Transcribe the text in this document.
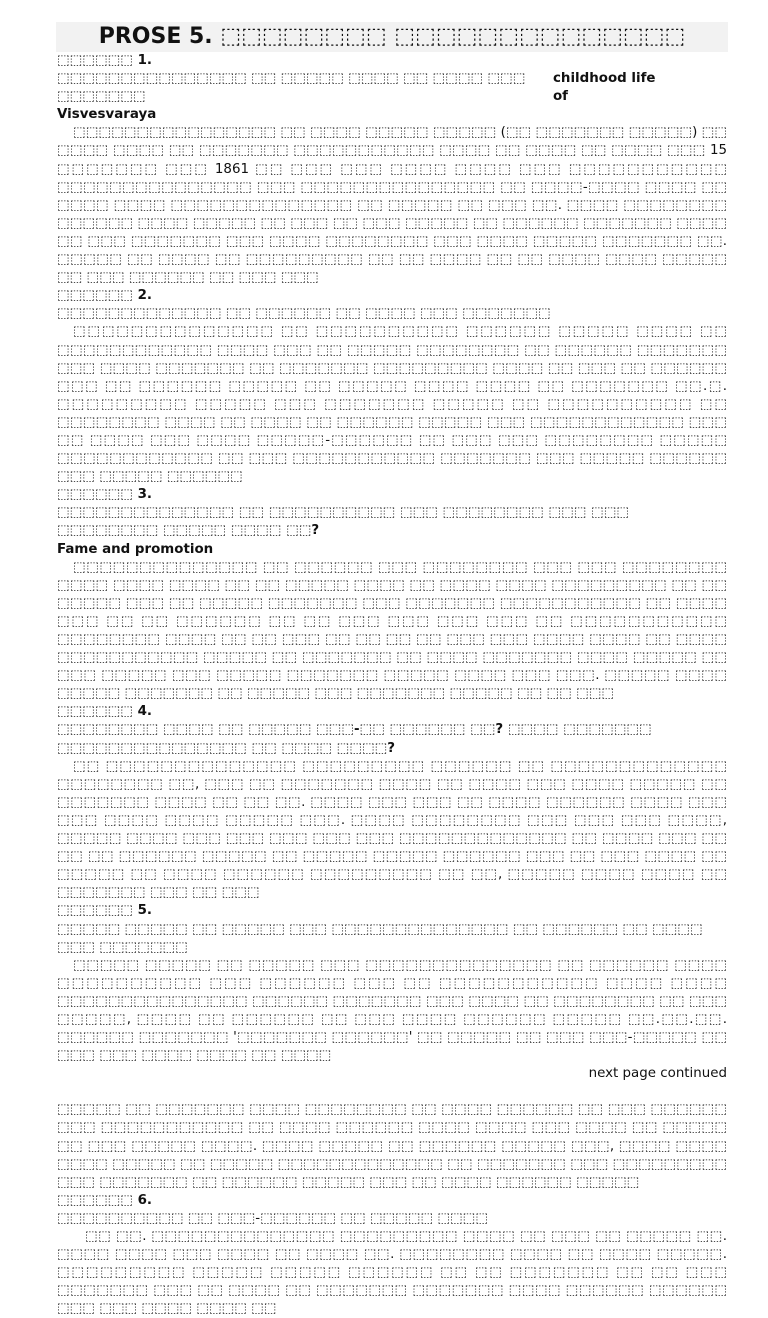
PROSE 5. ⬚⬚⬚⬚⬚⬚⬚⬚ ⬚⬚⬚⬚⬚⬚⬚⬚⬚⬚⬚⬚⬚⬚

⬚⬚⬚⬚⬚⬚ 1.

⬚⬚⬚⬚⬚⬚⬚⬚⬚⬚⬚⬚⬚⬚⬚ ⬚⬚ ⬚⬚⬚⬚⬚ ⬚⬚⬚⬚ ⬚⬚ ⬚⬚⬚⬚ ⬚⬚⬚ ⬚⬚⬚⬚⬚⬚⬚
childhood life of

Visvesvaraya

⬚⬚⬚⬚⬚⬚⬚⬚⬚⬚⬚⬚⬚⬚⬚⬚ ⬚⬚ ⬚⬚⬚⬚ ⬚⬚⬚⬚⬚ ⬚⬚⬚⬚⬚ (⬚⬚ ⬚⬚⬚⬚⬚⬚⬚ ⬚⬚⬚⬚⬚) ⬚⬚ ⬚⬚⬚⬚ ⬚⬚⬚⬚ ⬚⬚ ⬚⬚⬚⬚⬚⬚⬚ ⬚⬚⬚⬚⬚⬚⬚⬚⬚⬚⬚ ⬚⬚⬚⬚ ⬚⬚ ⬚⬚⬚⬚ ⬚⬚ ⬚⬚⬚⬚ ⬚⬚⬚ 15 ⬚⬚⬚⬚⬚⬚⬚ ⬚⬚⬚ 1861 ⬚⬚ ⬚⬚⬚ ⬚⬚⬚ ⬚⬚⬚⬚ ⬚⬚⬚⬚ ⬚⬚⬚ ⬚⬚⬚⬚⬚⬚⬚⬚⬚⬚⬚ ⬚⬚⬚⬚⬚⬚⬚⬚⬚⬚⬚⬚⬚⬚⬚ ⬚⬚⬚ ⬚⬚⬚⬚⬚⬚⬚⬚⬚⬚⬚⬚⬚⬚⬚ ⬚⬚ ⬚⬚⬚⬚-⬚⬚⬚⬚ ⬚⬚⬚⬚ ⬚⬚ ⬚⬚⬚⬚ ⬚⬚⬚⬚ ⬚⬚⬚⬚⬚⬚⬚⬚⬚⬚⬚⬚⬚⬚ ⬚⬚ ⬚⬚⬚⬚⬚ ⬚⬚ ⬚⬚⬚ ⬚⬚. ⬚⬚⬚⬚ ⬚⬚⬚⬚⬚⬚⬚⬚ ⬚⬚⬚⬚⬚⬚ ⬚⬚⬚⬚ ⬚⬚⬚⬚⬚ ⬚⬚ ⬚⬚⬚ ⬚⬚ ⬚⬚⬚ ⬚⬚⬚⬚⬚ ⬚⬚ ⬚⬚⬚⬚⬚⬚ ⬚⬚⬚⬚⬚⬚⬚ ⬚⬚⬚⬚ ⬚⬚ ⬚⬚⬚ ⬚⬚⬚⬚⬚⬚⬚ ⬚⬚⬚ ⬚⬚⬚⬚ ⬚⬚⬚⬚⬚⬚⬚⬚ ⬚⬚⬚ ⬚⬚⬚⬚ ⬚⬚⬚⬚⬚ ⬚⬚⬚⬚⬚⬚⬚ ⬚⬚. ⬚⬚⬚⬚⬚ ⬚⬚ ⬚⬚⬚⬚ ⬚⬚ ⬚⬚⬚⬚⬚⬚⬚⬚⬚ ⬚⬚ ⬚⬚ ⬚⬚⬚⬚ ⬚⬚ ⬚⬚ ⬚⬚⬚⬚ ⬚⬚⬚⬚ ⬚⬚⬚⬚⬚ ⬚⬚ ⬚⬚⬚ ⬚⬚⬚⬚⬚⬚ ⬚⬚ ⬚⬚⬚ ⬚⬚⬚

⬚⬚⬚⬚⬚⬚ 2.

⬚⬚⬚⬚⬚⬚⬚⬚⬚⬚⬚⬚⬚ ⬚⬚ ⬚⬚⬚⬚⬚⬚ ⬚⬚ ⬚⬚⬚⬚ ⬚⬚⬚ ⬚⬚⬚⬚⬚⬚⬚

⬚⬚⬚⬚⬚⬚⬚⬚⬚⬚⬚⬚⬚⬚ ⬚⬚ ⬚⬚⬚⬚⬚⬚⬚⬚⬚⬚ ⬚⬚⬚⬚⬚⬚ ⬚⬚⬚⬚⬚ ⬚⬚⬚⬚ ⬚⬚ ⬚⬚⬚⬚⬚⬚⬚⬚⬚⬚⬚⬚ ⬚⬚⬚⬚ ⬚⬚⬚ ⬚⬚ ⬚⬚⬚⬚⬚ ⬚⬚⬚⬚⬚⬚⬚⬚ ⬚⬚ ⬚⬚⬚⬚⬚⬚ ⬚⬚⬚⬚⬚⬚⬚ ⬚⬚⬚ ⬚⬚⬚⬚ ⬚⬚⬚⬚⬚⬚⬚ ⬚⬚ ⬚⬚⬚⬚⬚⬚⬚ ⬚⬚⬚⬚⬚⬚⬚⬚⬚ ⬚⬚⬚⬚ ⬚⬚ ⬚⬚⬚ ⬚⬚ ⬚⬚⬚⬚⬚⬚ ⬚⬚⬚ ⬚⬚ ⬚⬚⬚⬚⬚⬚ ⬚⬚⬚⬚⬚ ⬚⬚ ⬚⬚⬚⬚⬚ ⬚⬚⬚⬚ ⬚⬚⬚⬚ ⬚⬚ ⬚⬚⬚⬚⬚⬚⬚ ⬚⬚.⬚. ⬚⬚⬚⬚⬚⬚⬚⬚⬚ ⬚⬚⬚⬚⬚ ⬚⬚⬚ ⬚⬚⬚⬚⬚⬚⬚ ⬚⬚⬚⬚⬚ ⬚⬚ ⬚⬚⬚⬚⬚⬚⬚⬚⬚⬚ ⬚⬚ ⬚⬚⬚⬚⬚⬚⬚⬚ ⬚⬚⬚⬚ ⬚⬚ ⬚⬚⬚⬚ ⬚⬚ ⬚⬚⬚⬚⬚⬚ ⬚⬚⬚⬚⬚ ⬚⬚⬚ ⬚⬚⬚⬚⬚⬚⬚⬚⬚⬚⬚⬚ ⬚⬚⬚ ⬚⬚ ⬚⬚⬚⬚ ⬚⬚⬚ ⬚⬚⬚⬚ ⬚⬚⬚⬚⬚-⬚⬚⬚⬚⬚⬚ ⬚⬚ ⬚⬚⬚ ⬚⬚⬚ ⬚⬚⬚⬚⬚⬚⬚⬚ ⬚⬚⬚⬚⬚ ⬚⬚⬚⬚⬚⬚⬚⬚⬚⬚⬚⬚ ⬚⬚ ⬚⬚⬚ ⬚⬚⬚⬚⬚⬚⬚⬚⬚⬚⬚ ⬚⬚⬚⬚⬚⬚⬚ ⬚⬚⬚ ⬚⬚⬚⬚⬚ ⬚⬚⬚⬚⬚⬚ ⬚⬚⬚ ⬚⬚⬚⬚⬚ ⬚⬚⬚⬚⬚⬚

⬚⬚⬚⬚⬚⬚ 3.

⬚⬚⬚⬚⬚⬚⬚⬚⬚⬚⬚⬚⬚⬚ ⬚⬚ ⬚⬚⬚⬚⬚⬚⬚⬚⬚⬚ ⬚⬚⬚ ⬚⬚⬚⬚⬚⬚⬚⬚ ⬚⬚⬚ ⬚⬚⬚ ⬚⬚⬚⬚⬚⬚⬚⬚ ⬚⬚⬚⬚⬚ ⬚⬚⬚⬚ ⬚⬚?

Fame and promotion

⬚⬚⬚⬚⬚⬚⬚⬚⬚⬚⬚⬚⬚⬚ ⬚⬚ ⬚⬚⬚⬚⬚⬚ ⬚⬚⬚ ⬚⬚⬚⬚⬚⬚⬚⬚ ⬚⬚⬚ ⬚⬚⬚ ⬚⬚⬚⬚⬚⬚⬚⬚ ⬚⬚⬚⬚ ⬚⬚⬚⬚ ⬚⬚⬚⬚ ⬚⬚ ⬚⬚ ⬚⬚⬚⬚⬚ ⬚⬚⬚⬚ ⬚⬚ ⬚⬚⬚⬚ ⬚⬚⬚⬚ ⬚⬚⬚⬚⬚⬚⬚⬚⬚ ⬚⬚ ⬚⬚ ⬚⬚⬚⬚⬚ ⬚⬚⬚ ⬚⬚ ⬚⬚⬚⬚⬚ ⬚⬚⬚⬚⬚⬚⬚ ⬚⬚⬚ ⬚⬚⬚⬚⬚⬚⬚ ⬚⬚⬚⬚⬚⬚⬚⬚⬚⬚⬚ ⬚⬚ ⬚⬚⬚⬚ ⬚⬚⬚ ⬚⬚ ⬚⬚ ⬚⬚⬚⬚⬚⬚ ⬚⬚ ⬚⬚ ⬚⬚⬚ ⬚⬚⬚ ⬚⬚⬚ ⬚⬚⬚ ⬚⬚ ⬚⬚⬚⬚⬚⬚⬚⬚⬚⬚⬚ ⬚⬚⬚⬚⬚⬚⬚⬚ ⬚⬚⬚⬚ ⬚⬚ ⬚⬚ ⬚⬚⬚ ⬚⬚ ⬚⬚ ⬚⬚ ⬚⬚ ⬚⬚⬚ ⬚⬚⬚ ⬚⬚⬚⬚ ⬚⬚⬚⬚ ⬚⬚ ⬚⬚⬚⬚ ⬚⬚⬚⬚⬚⬚⬚⬚⬚⬚⬚ ⬚⬚⬚⬚⬚ ⬚⬚ ⬚⬚⬚⬚⬚⬚⬚ ⬚⬚ ⬚⬚⬚⬚ ⬚⬚⬚⬚⬚⬚⬚ ⬚⬚⬚⬚ ⬚⬚⬚⬚⬚ ⬚⬚ ⬚⬚⬚ ⬚⬚⬚⬚⬚ ⬚⬚⬚ ⬚⬚⬚⬚⬚ ⬚⬚⬚⬚⬚⬚⬚ ⬚⬚⬚⬚⬚ ⬚⬚⬚⬚ ⬚⬚⬚ ⬚⬚⬚. ⬚⬚⬚⬚⬚ ⬚⬚⬚⬚ ⬚⬚⬚⬚⬚ ⬚⬚⬚⬚⬚⬚⬚ ⬚⬚ ⬚⬚⬚⬚⬚ ⬚⬚⬚ ⬚⬚⬚⬚⬚⬚⬚ ⬚⬚⬚⬚⬚ ⬚⬚ ⬚⬚ ⬚⬚⬚

⬚⬚⬚⬚⬚⬚ 4.

⬚⬚⬚⬚⬚⬚⬚⬚ ⬚⬚⬚⬚ ⬚⬚ ⬚⬚⬚⬚⬚ ⬚⬚⬚-⬚⬚ ⬚⬚⬚⬚⬚⬚ ⬚⬚? ⬚⬚⬚⬚ ⬚⬚⬚⬚⬚⬚⬚ ⬚⬚⬚⬚⬚⬚⬚⬚⬚⬚⬚⬚⬚⬚⬚ ⬚⬚ ⬚⬚⬚⬚ ⬚⬚⬚⬚?

⬚⬚ ⬚⬚⬚⬚⬚⬚⬚⬚⬚⬚⬚⬚⬚⬚ ⬚⬚⬚⬚⬚⬚⬚⬚⬚ ⬚⬚⬚⬚⬚⬚ ⬚⬚ ⬚⬚⬚⬚⬚⬚⬚⬚⬚⬚⬚⬚⬚ ⬚⬚⬚⬚⬚⬚⬚⬚ ⬚⬚, ⬚⬚⬚ ⬚⬚ ⬚⬚⬚⬚⬚⬚⬚ ⬚⬚⬚⬚ ⬚⬚ ⬚⬚⬚⬚ ⬚⬚⬚ ⬚⬚⬚⬚ ⬚⬚⬚⬚⬚ ⬚⬚ ⬚⬚⬚⬚⬚⬚⬚ ⬚⬚⬚⬚ ⬚⬚ ⬚⬚ ⬚⬚. ⬚⬚⬚⬚ ⬚⬚⬚ ⬚⬚⬚ ⬚⬚ ⬚⬚⬚⬚ ⬚⬚⬚⬚⬚⬚ ⬚⬚⬚⬚ ⬚⬚⬚ ⬚⬚⬚ ⬚⬚⬚⬚ ⬚⬚⬚⬚ ⬚⬚⬚⬚⬚ ⬚⬚⬚. ⬚⬚⬚⬚ ⬚⬚⬚⬚⬚⬚⬚⬚ ⬚⬚⬚ ⬚⬚⬚ ⬚⬚⬚ ⬚⬚⬚⬚, ⬚⬚⬚⬚⬚ ⬚⬚⬚⬚ ⬚⬚⬚ ⬚⬚⬚ ⬚⬚⬚ ⬚⬚⬚ ⬚⬚⬚ ⬚⬚⬚⬚⬚⬚⬚⬚⬚⬚⬚⬚⬚ ⬚⬚ ⬚⬚⬚⬚ ⬚⬚⬚ ⬚⬚ ⬚⬚ ⬚⬚ ⬚⬚⬚⬚⬚⬚ ⬚⬚⬚⬚⬚ ⬚⬚ ⬚⬚⬚⬚⬚ ⬚⬚⬚⬚⬚ ⬚⬚⬚⬚⬚⬚ ⬚⬚⬚ ⬚⬚ ⬚⬚⬚ ⬚⬚⬚⬚ ⬚⬚ ⬚⬚⬚⬚⬚ ⬚⬚ ⬚⬚⬚⬚ ⬚⬚⬚⬚⬚⬚ ⬚⬚⬚⬚⬚⬚⬚⬚⬚ ⬚⬚ ⬚⬚, ⬚⬚⬚⬚⬚ ⬚⬚⬚⬚ ⬚⬚⬚⬚ ⬚⬚ ⬚⬚⬚⬚⬚⬚⬚ ⬚⬚⬚ ⬚⬚ ⬚⬚⬚

⬚⬚⬚⬚⬚⬚ 5.

⬚⬚⬚⬚⬚ ⬚⬚⬚⬚⬚ ⬚⬚ ⬚⬚⬚⬚⬚ ⬚⬚⬚ ⬚⬚⬚⬚⬚⬚⬚⬚⬚⬚⬚⬚⬚⬚ ⬚⬚ ⬚⬚⬚⬚⬚⬚ ⬚⬚ ⬚⬚⬚⬚ ⬚⬚⬚ ⬚⬚⬚⬚⬚⬚⬚

⬚⬚⬚⬚⬚ ⬚⬚⬚⬚⬚ ⬚⬚ ⬚⬚⬚⬚⬚ ⬚⬚⬚ ⬚⬚⬚⬚⬚⬚⬚⬚⬚⬚⬚⬚⬚⬚ ⬚⬚ ⬚⬚⬚⬚⬚⬚ ⬚⬚⬚⬚ ⬚⬚⬚⬚⬚⬚⬚⬚⬚⬚ ⬚⬚⬚ ⬚⬚⬚⬚⬚⬚ ⬚⬚⬚ ⬚⬚ ⬚⬚⬚⬚⬚⬚⬚⬚⬚⬚⬚ ⬚⬚⬚⬚ ⬚⬚⬚⬚ ⬚⬚⬚⬚⬚⬚⬚⬚⬚⬚⬚⬚⬚⬚⬚ ⬚⬚⬚⬚⬚⬚ ⬚⬚⬚⬚⬚⬚⬚ ⬚⬚⬚ ⬚⬚⬚⬚ ⬚⬚ ⬚⬚⬚⬚⬚⬚⬚⬚ ⬚⬚ ⬚⬚⬚ ⬚⬚⬚⬚⬚, ⬚⬚⬚⬚ ⬚⬚ ⬚⬚⬚⬚⬚⬚ ⬚⬚ ⬚⬚⬚ ⬚⬚⬚⬚ ⬚⬚⬚⬚⬚⬚ ⬚⬚⬚⬚⬚ ⬚⬚.⬚⬚.⬚⬚. ⬚⬚⬚⬚⬚⬚ ⬚⬚⬚⬚⬚⬚⬚ '⬚⬚⬚⬚⬚⬚⬚ ⬚⬚⬚⬚⬚⬚' ⬚⬚ ⬚⬚⬚⬚⬚ ⬚⬚ ⬚⬚⬚ ⬚⬚⬚-⬚⬚⬚⬚⬚ ⬚⬚ ⬚⬚⬚ ⬚⬚⬚ ⬚⬚⬚⬚ ⬚⬚⬚⬚ ⬚⬚ ⬚⬚⬚⬚

next page continued

⬚⬚⬚⬚⬚ ⬚⬚ ⬚⬚⬚⬚⬚⬚⬚ ⬚⬚⬚⬚ ⬚⬚⬚⬚⬚⬚⬚⬚ ⬚⬚ ⬚⬚⬚⬚ ⬚⬚⬚⬚⬚⬚ ⬚⬚ ⬚⬚⬚ ⬚⬚⬚⬚⬚⬚ ⬚⬚⬚ ⬚⬚⬚⬚⬚⬚⬚⬚⬚⬚⬚ ⬚⬚ ⬚⬚⬚⬚ ⬚⬚⬚⬚⬚⬚ ⬚⬚⬚⬚ ⬚⬚⬚⬚ ⬚⬚⬚ ⬚⬚⬚⬚ ⬚⬚ ⬚⬚⬚⬚⬚ ⬚⬚ ⬚⬚⬚ ⬚⬚⬚⬚⬚ ⬚⬚⬚⬚. ⬚⬚⬚⬚ ⬚⬚⬚⬚⬚ ⬚⬚ ⬚⬚⬚⬚⬚⬚ ⬚⬚⬚⬚⬚ ⬚⬚⬚, ⬚⬚⬚⬚ ⬚⬚⬚⬚ ⬚⬚⬚⬚ ⬚⬚⬚⬚⬚ ⬚⬚ ⬚⬚⬚⬚⬚ ⬚⬚⬚⬚⬚⬚⬚⬚⬚⬚⬚⬚⬚ ⬚⬚ ⬚⬚⬚⬚⬚⬚⬚ ⬚⬚⬚ ⬚⬚⬚⬚⬚⬚⬚⬚⬚ ⬚⬚⬚ ⬚⬚⬚⬚⬚⬚⬚ ⬚⬚ ⬚⬚⬚⬚⬚⬚ ⬚⬚⬚⬚⬚ ⬚⬚⬚ ⬚⬚ ⬚⬚⬚⬚ ⬚⬚⬚⬚⬚⬚ ⬚⬚⬚⬚⬚

⬚⬚⬚⬚⬚⬚ 6.

⬚⬚⬚⬚⬚⬚⬚⬚⬚⬚ ⬚⬚ ⬚⬚⬚-⬚⬚⬚⬚⬚⬚ ⬚⬚ ⬚⬚⬚⬚⬚ ⬚⬚⬚⬚

⬚⬚ ⬚⬚. ⬚⬚⬚⬚⬚⬚⬚⬚⬚⬚⬚⬚⬚⬚ ⬚⬚⬚⬚⬚⬚⬚⬚⬚ ⬚⬚⬚⬚ ⬚⬚ ⬚⬚⬚ ⬚⬚ ⬚⬚⬚⬚⬚ ⬚⬚. ⬚⬚⬚⬚ ⬚⬚⬚⬚ ⬚⬚⬚ ⬚⬚⬚⬚ ⬚⬚ ⬚⬚⬚⬚ ⬚⬚. ⬚⬚⬚⬚⬚⬚⬚⬚ ⬚⬚⬚⬚ ⬚⬚ ⬚⬚⬚⬚ ⬚⬚⬚⬚⬚. ⬚⬚⬚⬚⬚⬚⬚⬚⬚ ⬚⬚⬚⬚⬚ ⬚⬚⬚⬚⬚ ⬚⬚⬚⬚⬚⬚ ⬚⬚ ⬚⬚ ⬚⬚⬚⬚⬚⬚⬚ ⬚⬚ ⬚⬚ ⬚⬚⬚ ⬚⬚⬚⬚⬚⬚⬚ ⬚⬚⬚ ⬚⬚ ⬚⬚⬚⬚ ⬚⬚ ⬚⬚⬚⬚⬚⬚⬚ ⬚⬚⬚⬚⬚⬚⬚ ⬚⬚⬚⬚ ⬚⬚⬚⬚⬚⬚ ⬚⬚⬚⬚⬚⬚ ⬚⬚⬚ ⬚⬚⬚ ⬚⬚⬚⬚ ⬚⬚⬚⬚ ⬚⬚
